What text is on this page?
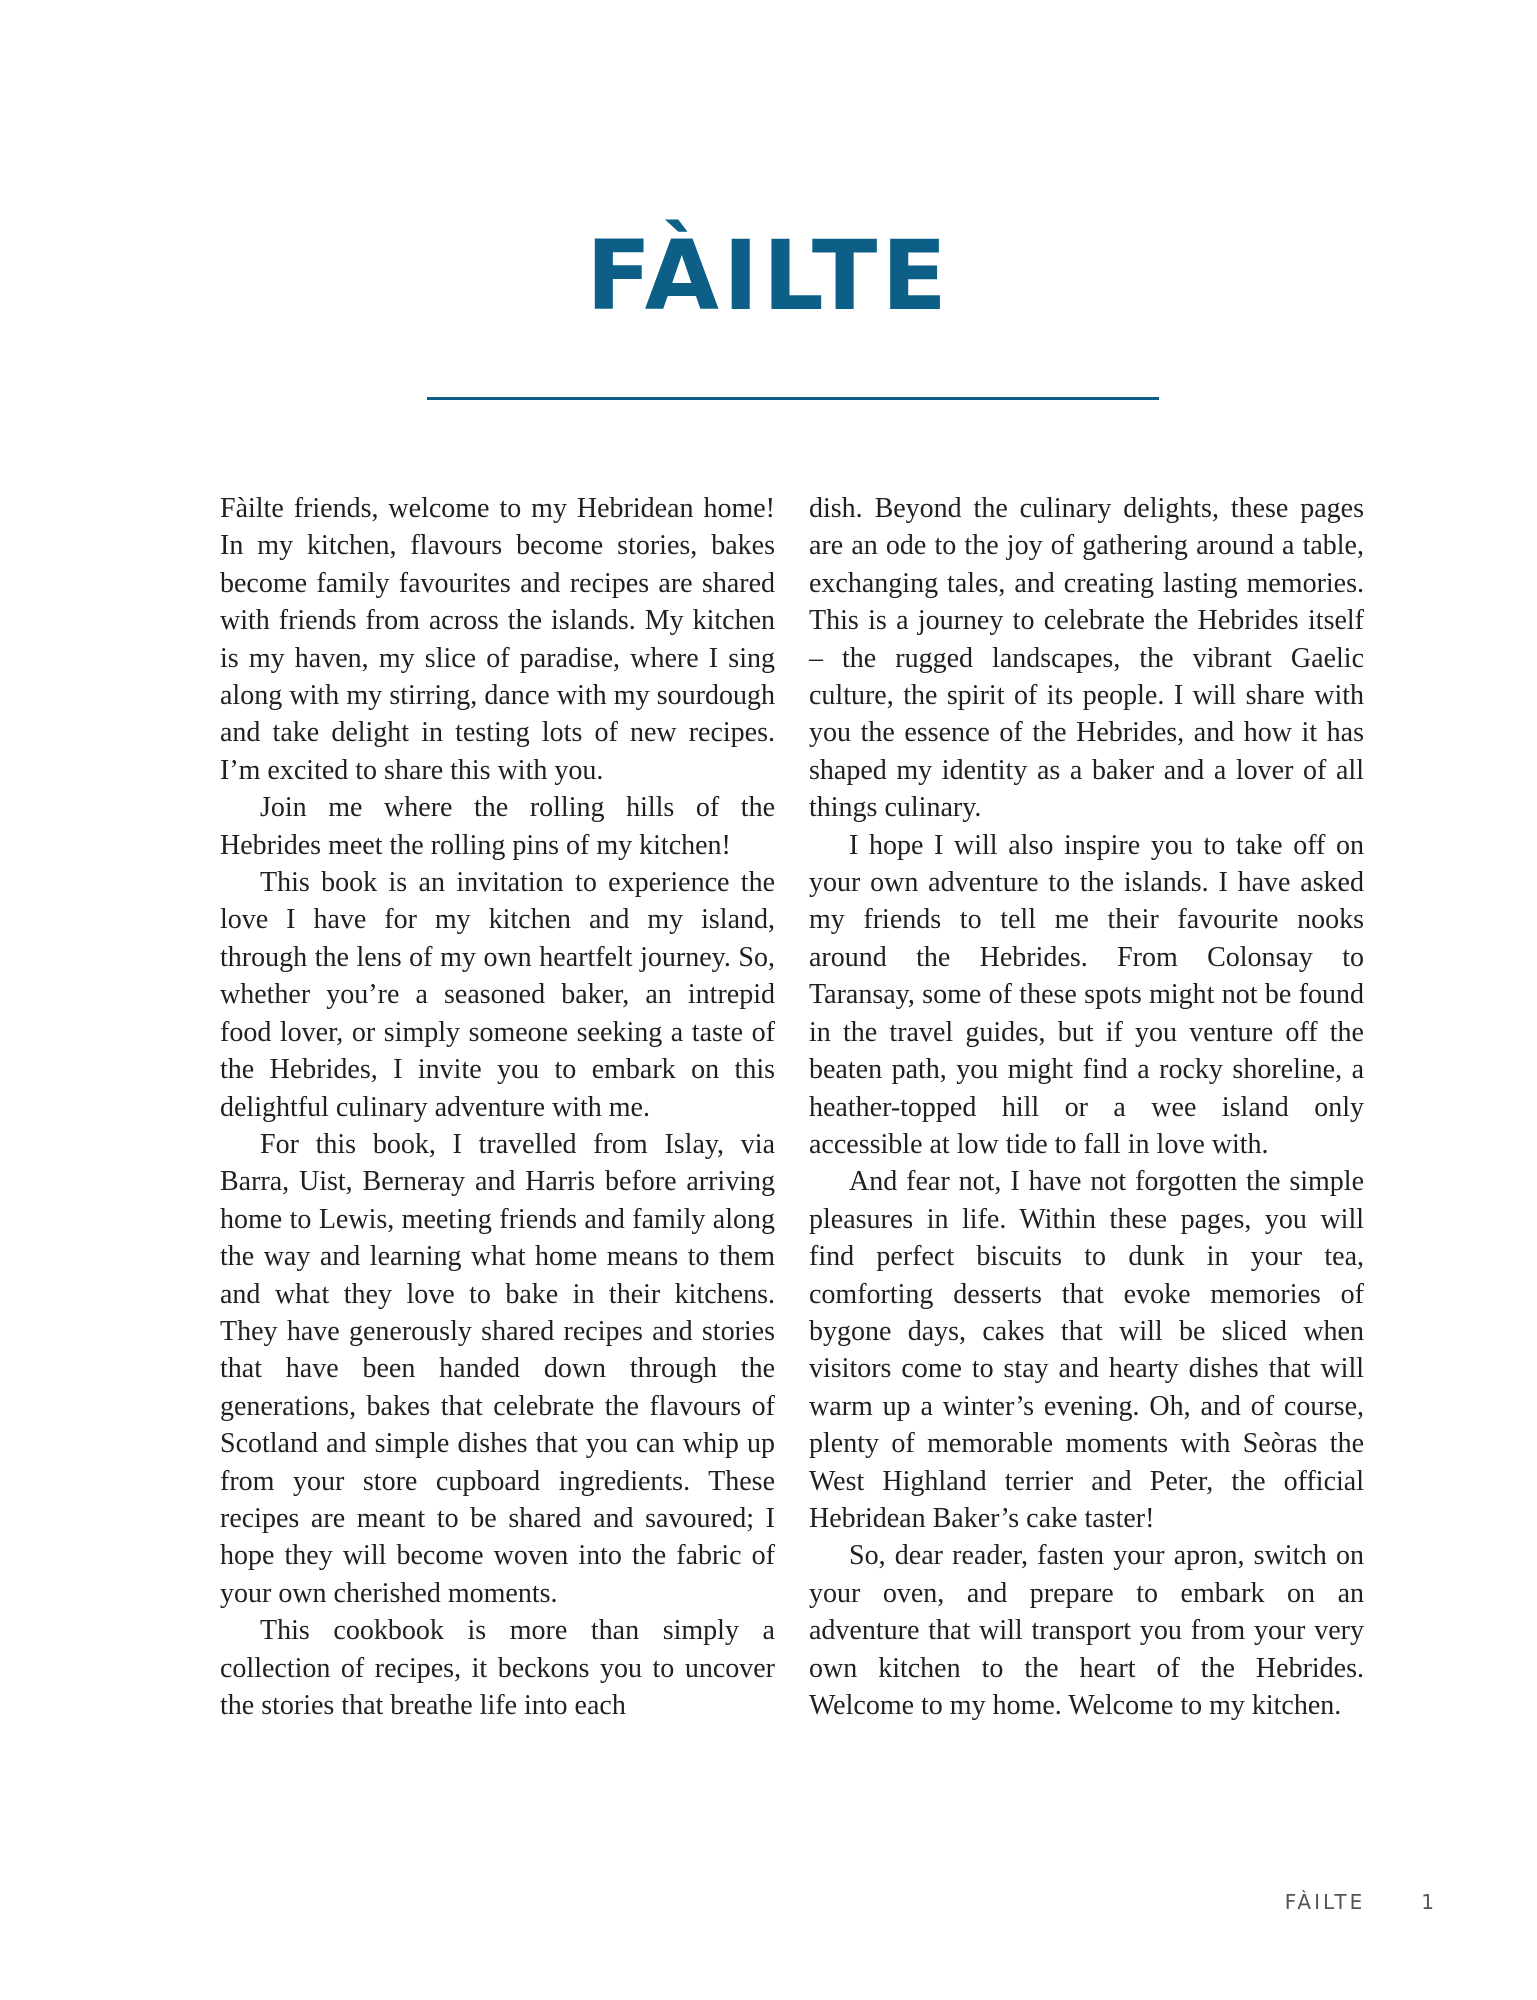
FÀILTE

Fàilte friends, welcome to my Hebridean home! In my kitchen, flavours become stories, bakes become family favourites and recipes are shared with friends from across the islands. My kitchen is my haven, my slice of paradise, where I sing along with my stirring, dance with my sourdough and take delight in testing lots of new recipes. I’m excited to share this with you.

Join me where the rolling hills of the Hebrides meet the rolling pins of my kitchen!

This book is an invitation to experience the love I have for my kitchen and my island, through the lens of my own heartfelt journey. So, whether you’re a seasoned baker, an intrepid food lover, or simply someone seeking a taste of the Hebrides, I invite you to embark on this delightful culinary adventure with me.

For this book, I travelled from Islay, via Barra, Uist, Berneray and Harris before arriving home to Lewis, meeting friends and family along the way and learning what home means to them and what they love to bake in their kitchens. They have generously shared recipes and stories that have been handed down through the generations, bakes that celebrate the flavours of Scotland and simple dishes that you can whip up from your store cupboard ingredients. These recipes are meant to be shared and savoured; I hope they will become woven into the fabric of your own cherished moments.

This cookbook is more than simply a collection of recipes, it beckons you to uncover the stories that breathe life into each

dish. Beyond the culinary delights, these pages are an ode to the joy of gathering around a table, exchanging tales, and creating lasting memories. This is a journey to celebrate the Hebrides itself – the rugged landscapes, the vibrant Gaelic culture, the spirit of its people. I will share with you the essence of the Hebrides, and how it has shaped my identity as a baker and a lover of all things culinary.

I hope I will also inspire you to take off on your own adventure to the islands. I have asked my friends to tell me their favourite nooks around the Hebrides. From Colonsay to Taransay, some of these spots might not be found in the travel guides, but if you venture off the beaten path, you might find a rocky shoreline, a heather-topped hill or a wee island only accessible at low tide to fall in love with.

And fear not, I have not forgotten the simple pleasures in life. Within these pages, you will find perfect biscuits to dunk in your tea, comforting desserts that evoke memories of bygone days, cakes that will be sliced when visitors come to stay and hearty dishes that will warm up a winter’s evening. Oh, and of course, plenty of memorable moments with Seòras the West Highland terrier and Peter, the official Hebridean Baker’s cake taster!

So, dear reader, fasten your apron, switch on your oven, and prepare to embark on an adventure that will transport you from your very own kitchen to the heart of the Hebrides. Welcome to my home. Welcome to my kitchen.

FÀILTE	1
